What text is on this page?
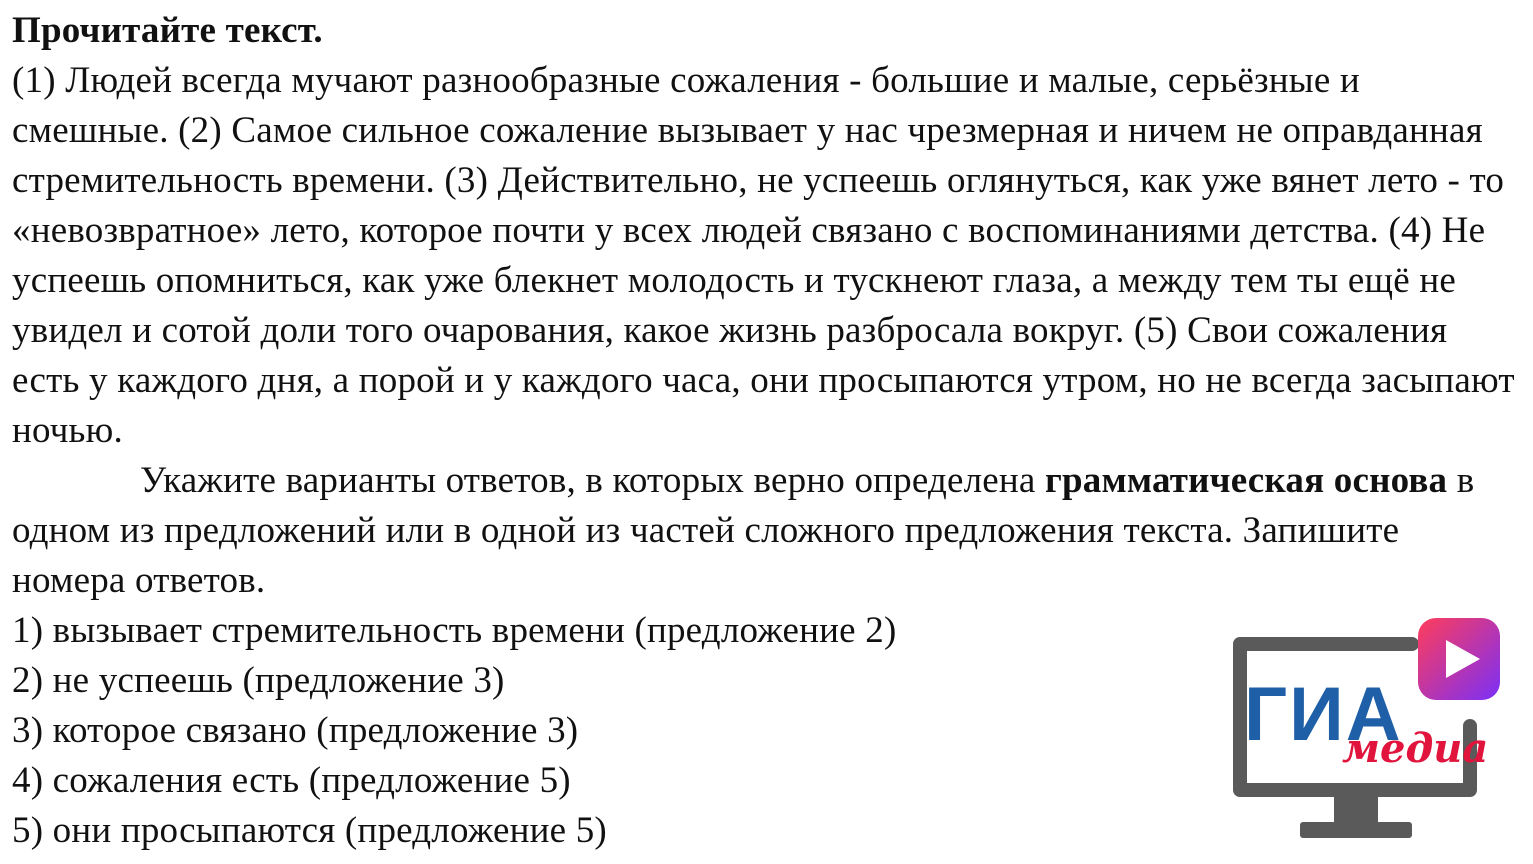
Прочитайте текст.

(1) Людей всегда мучают разнообразные сожаления - большие и малые, серьёзные и смешные. (2) Самое сильное сожаление вызывает у нас чрезмерная и ничем не оправданная стремительность времени. (3) Действительно, не успеешь оглянуться, как уже вянет лето - то «невозвратное» лето, которое почти у всех людей связано с воспоминаниями детства. (4) Не успеешь опомниться, как уже блекнет молодость и тускнеют глаза, а между тем ты ещё не увидел и сотой доли того очарования, какое жизнь разбросала вокруг. (5) Свои сожаления есть у каждого дня, а порой и у каждого часа, они просыпаются утром, но не всегда засыпают ночью.

Укажите варианты ответов, в которых верно определена грамматическая основа в одном из предложений или в одной из частей сложного предложения текста. Запишите номера ответов.

1) вызывает стремительность времени (предложение 2)
2) не успеешь (предложение 3)
3) которое связано (предложение 3)
4) сожаления есть (предложение 5)
5) они просыпаются (предложение 5)
ГИА
медиа
